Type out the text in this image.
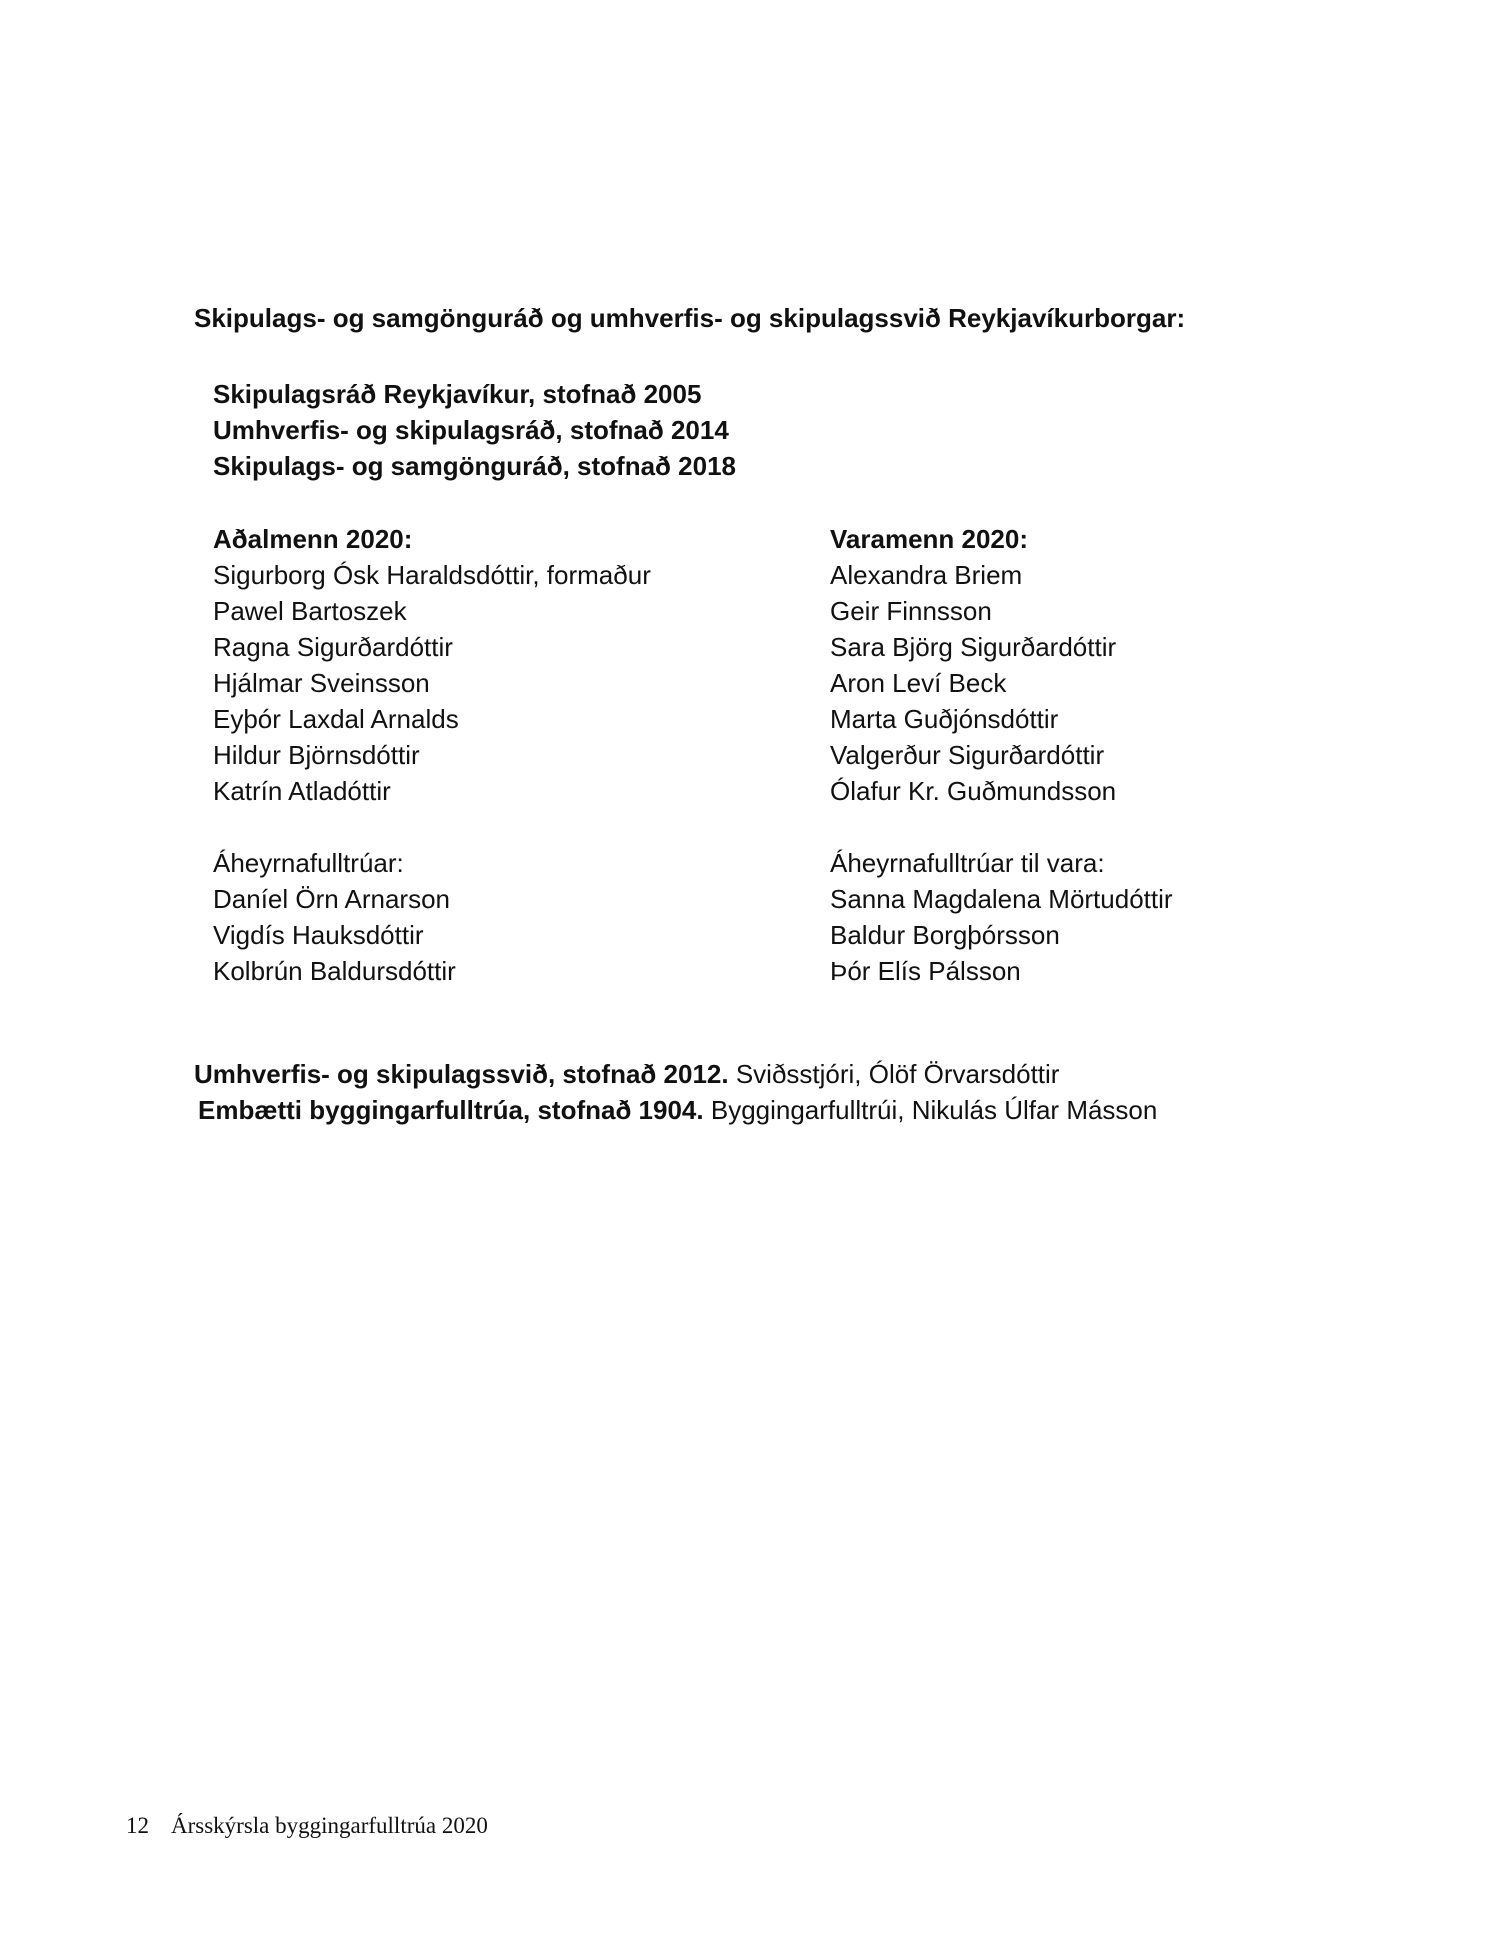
Skipulags- og samgönguráð og umhverfis- og skipulagssvið Reykjavíkurborgar:
Skipulagsráð Reykjavíkur, stofnað 2005
Umhverfis- og skipulagsráð, stofnað 2014
Skipulags- og samgönguráð, stofnað 2018
Aðalmenn 2020:
Sigurborg Ósk Haraldsdóttir, formaður
Pawel Bartoszek
Ragna Sigurðardóttir
Hjálmar Sveinsson
Eyþór Laxdal Arnalds
Hildur Björnsdóttir
Katrín Atladóttir
Áheyrnafulltrúar:
Daníel Örn Arnarson
Vigdís Hauksdóttir
Kolbrún Baldursdóttir
Varamenn 2020:
Alexandra Briem
Geir Finnsson
Sara Björg Sigurðardóttir
Aron Leví Beck
Marta Guðjónsdóttir
Valgerður Sigurðardóttir
Ólafur Kr. Guðmundsson
Áheyrnafulltrúar til vara:
Sanna Magdalena Mörtudóttir
Baldur Borgþórsson
Þór Elís Pálsson
Umhverfis- og skipulagssvið, stofnað 2012. Sviðsstjóri, Ólöf Örvarsdóttir
Embætti byggingarfulltrúa, stofnað 1904. Byggingarfulltrúi, Nikulás Úlfar Másson
12 Ársskýrsla byggingarfulltrúa 2020
